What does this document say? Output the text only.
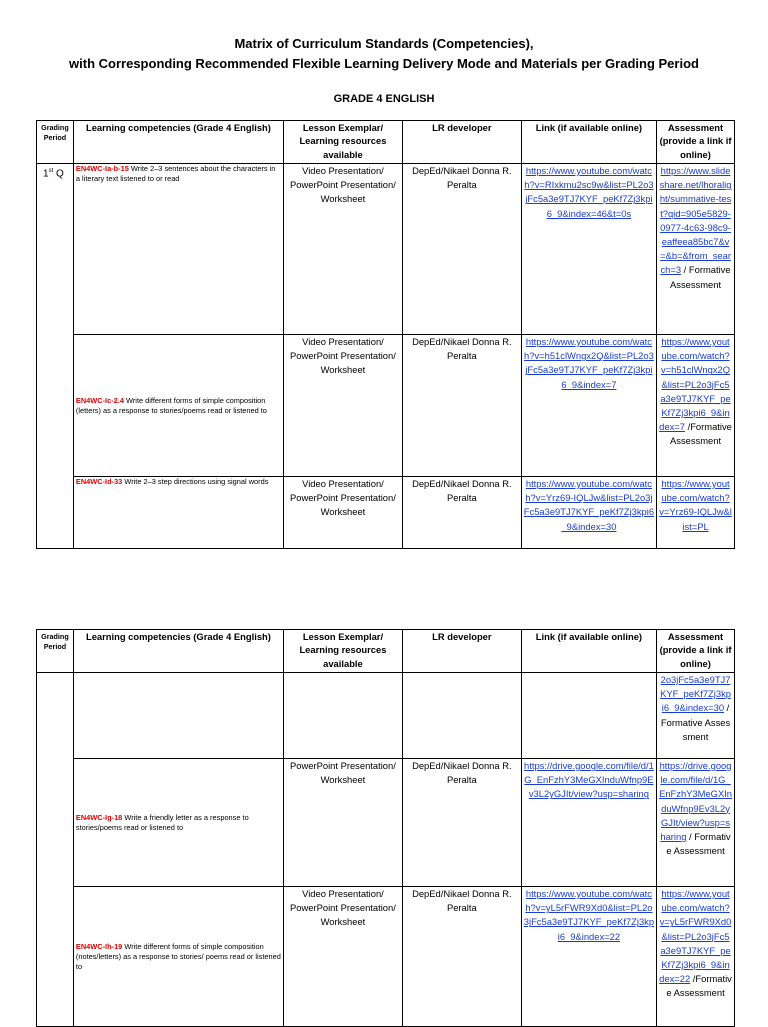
Matrix of Curriculum Standards (Competencies),
with Corresponding Recommended Flexible Learning Delivery Mode and Materials per Grading Period
GRADE 4 ENGLISH
Grading Period	Learning competencies (Grade 4 English)	Lesson Exemplar/ Learning resources available	LR developer	Link (if available online)	Assessment (provide a link if online)
1st Q	EN4WC-Ia-b-15 Write 2–3 sentences about the characters in a literary text listened to or read	Video Presentation/ PowerPoint Presentation/ Worksheet	DepEd/Nikael Donna R. Peralta	https://www.youtube.com/watch?v=RIxkmu2sc9w&list=PL2o3jFc5a3e9TJ7KYF_peKf7Zj3kpi6_9&index=46&t=0s	https://www.slideshare.net/lhoralight/summative-test?qid=905e5829-0977-4c63-98c9-eaffeea85bc7&v=&b=&from_search=3 / Formative Assessment
	EN4WC-Ic-2.4 Write different forms of simple composition (letters) as a response to stories/poems read or listened to	Video Presentation/ PowerPoint Presentation/ Worksheet	DepEd/Nikael Donna R. Peralta	https://www.youtube.com/watch?v=h51clWngx2Q&list=PL2o3jFc5a3e9TJ7KYF_peKf7Zj3kpi6_9&index=7	https://www.youtube.com/watch?v=h51clWngx2Q&list=PL2o3jFc5a3e9TJ7KYF_peKf7Zj3kpi6_9&index=7 /Formative Assessment
	EN4WC-Id-33 Write 2–3 step directions using signal words	Video Presentation/ PowerPoint Presentation/ Worksheet	DepEd/Nikael Donna R. Peralta	https://www.youtube.com/watch?v=Yrz69-IQLJw&list=PL2o3jFc5a3e9TJ7KYF_peKf7Zj3kpi6_9&index=30	https://www.youtube.com/watch?v=Yrz69-IQLJw&list=PL
Grading Period	Learning competencies (Grade 4 English)	Lesson Exemplar/ Learning resources available	LR developer	Link (if available online)	Assessment (provide a link if online)
					2o3jFc5a3e9TJ7KYF_peKf7Zj3kpi6_9&index=30 /Formative Assessment
	EN4WC-Ig-18 Write a friendly letter as a response to stories/poems read or listened to	PowerPoint Presentation/ Worksheet	DepEd/Nikael Donna R. Peralta	https://drive.google.com/file/d/1G_EnFzhY3MeGXInduWfnp9Ev3L2yGJIt/view?usp=sharing	https://drive.google.com/file/d/1G_EnFzhY3MeGXInduWfnp9Ev3L2yGJIt/view?usp=sharing / Formative Assessment
	EN4WC-Ih-19 Write different forms of simple composition (notes/letters) as a response to stories/ poems read or listened to	Video Presentation/ PowerPoint Presentation/ Worksheet	DepEd/Nikael Donna R. Peralta	https://www.youtube.com/watch?v=yL5rFWR9Xd0&list=PL2o3jFc5a3e9TJ7KYF_peKf7Zj3kpi6_9&index=22	https://www.youtube.com/watch?v=yL5rFWR9Xd0&list=PL2o3jFc5a3e9TJ7KYF_peKf7Zj3kpi6_9&index=22 /Formative Assessment
